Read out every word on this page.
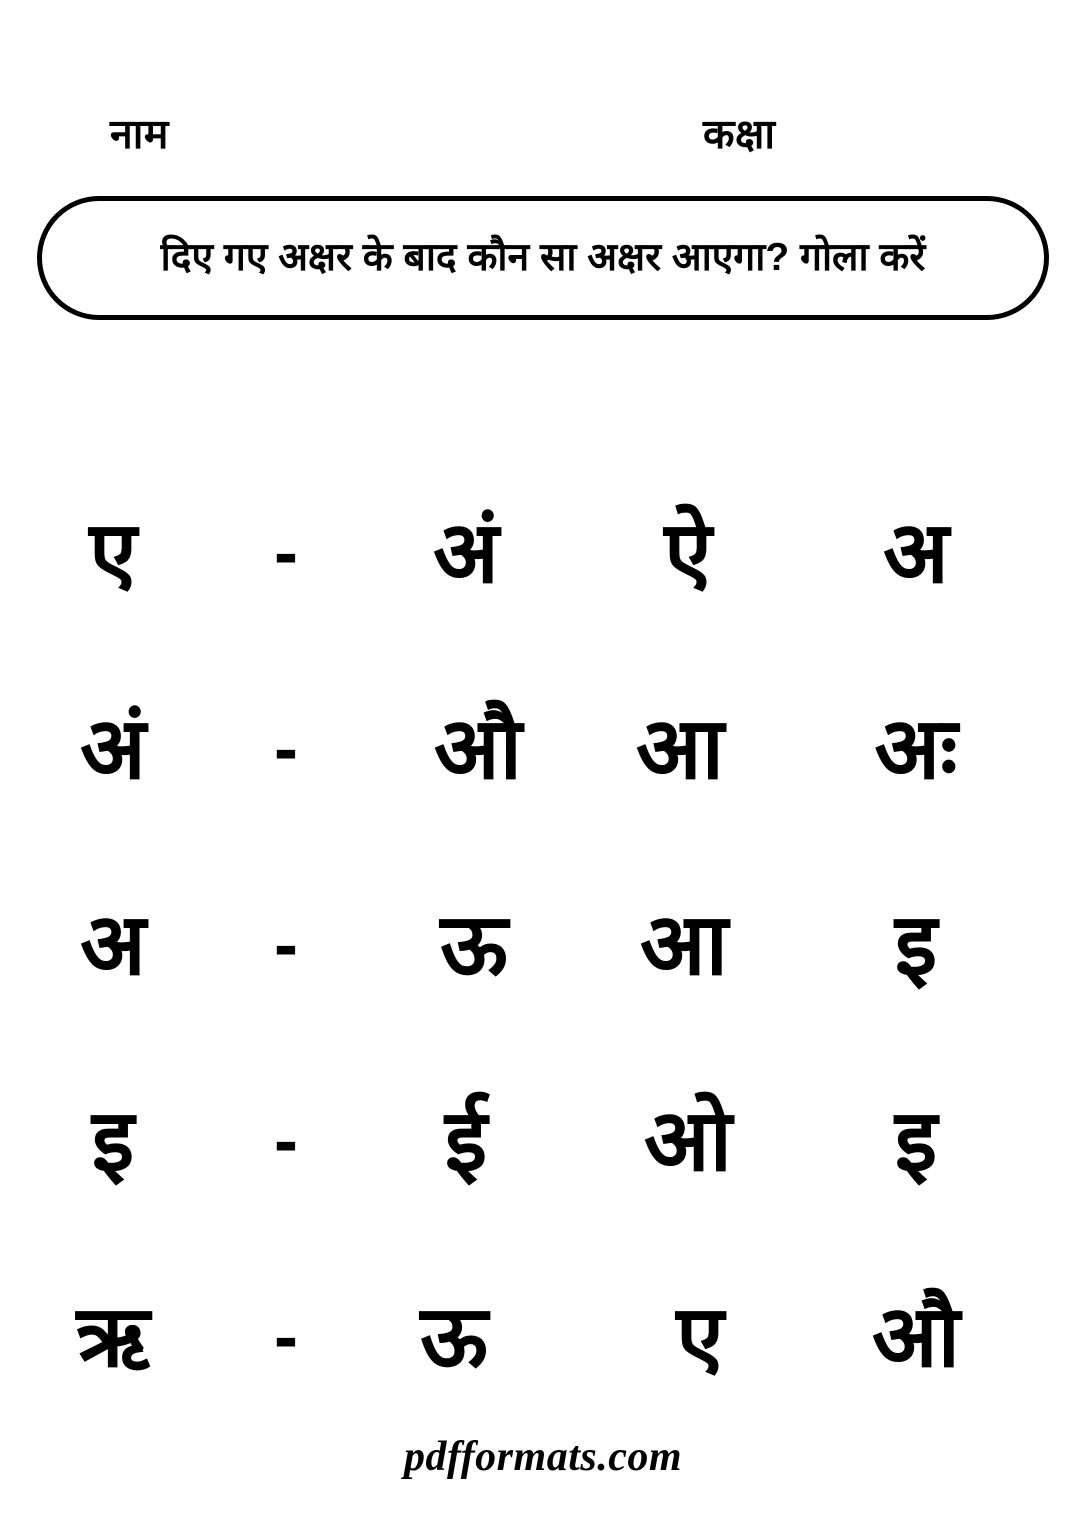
नाम	कक्षा
दिए गए अक्षर के बाद कौन सा अक्षर आएगा? गोला करें
ए	-	अं	ऐ	अ
अं	-	औ	आ	अः
अ	-	ऊ	आ	इ
इ	-	ई	ओ	इ
ऋ	-	ऊ	ए	औ
pdfformats.com
